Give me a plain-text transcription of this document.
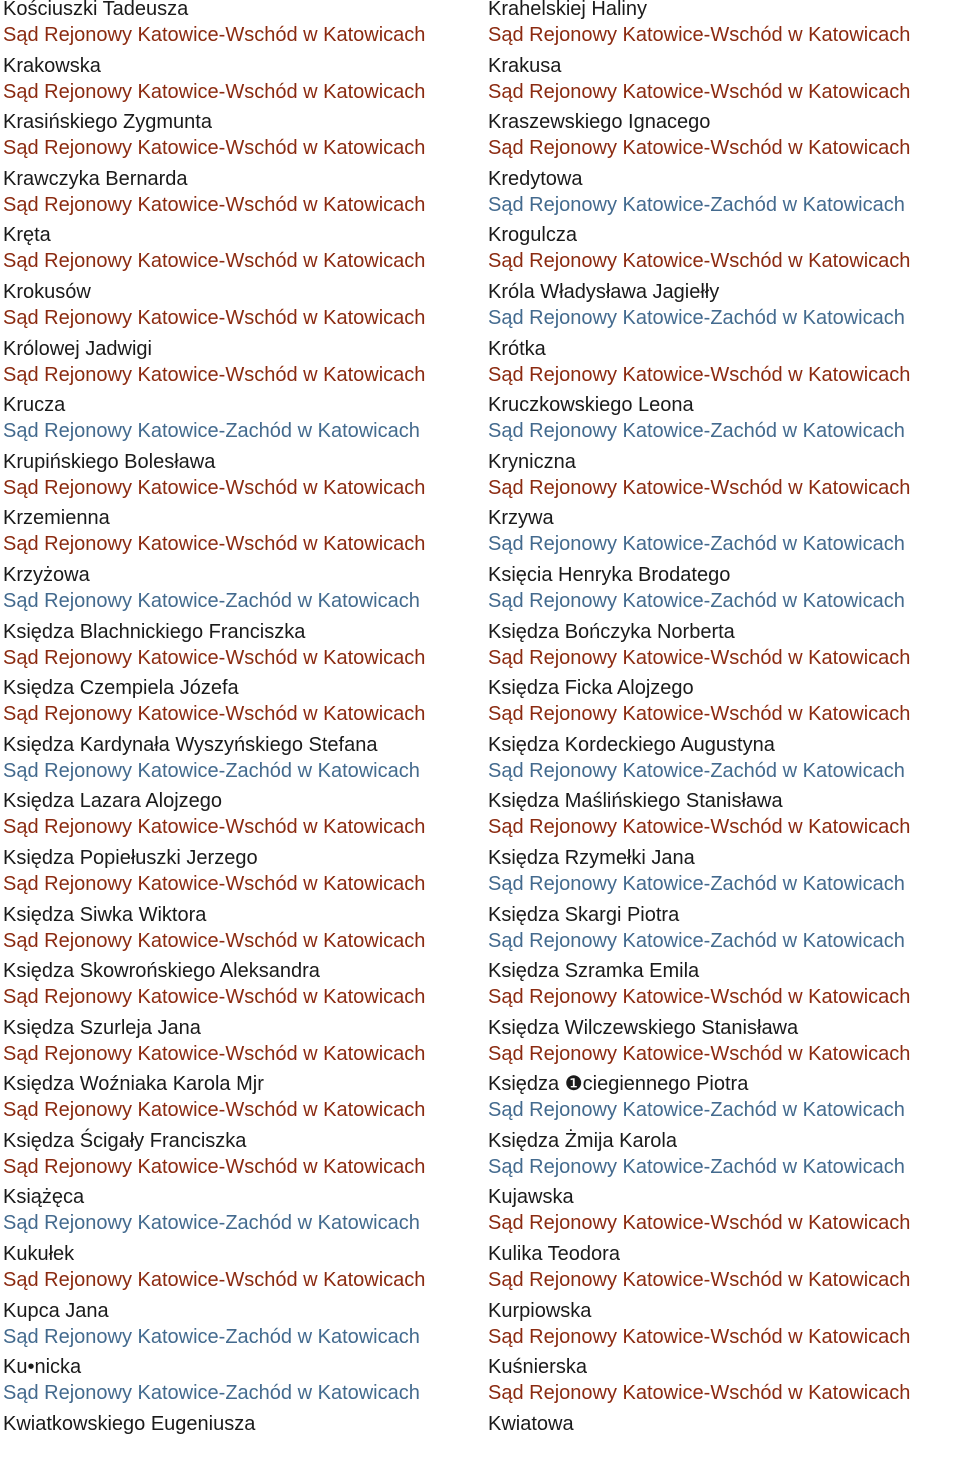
Kościuszki Tadeusza
Sąd Rejonowy Katowice-Wschód w Katowicach
Krakowska
Sąd Rejonowy Katowice-Wschód w Katowicach
Krasińskiego Zygmunta
Sąd Rejonowy Katowice-Wschód w Katowicach
Krawczyka Bernarda
Sąd Rejonowy Katowice-Wschód w Katowicach
Kręta
Sąd Rejonowy Katowice-Wschód w Katowicach
Krokusów
Sąd Rejonowy Katowice-Wschód w Katowicach
Królowej Jadwigi
Sąd Rejonowy Katowice-Wschód w Katowicach
Krucza
Sąd Rejonowy Katowice-Zachód w Katowicach
Krupińskiego Bolesława
Sąd Rejonowy Katowice-Wschód w Katowicach
Krzemienna
Sąd Rejonowy Katowice-Wschód w Katowicach
Krzyżowa
Sąd Rejonowy Katowice-Zachód w Katowicach
Księdza Blachnickiego Franciszka
Sąd Rejonowy Katowice-Wschód w Katowicach
Księdza Czempiela Józefa
Sąd Rejonowy Katowice-Wschód w Katowicach
Księdza Kardynała Wyszyńskiego Stefana
Sąd Rejonowy Katowice-Zachód w Katowicach
Księdza Lazara Alojzego
Sąd Rejonowy Katowice-Wschód w Katowicach
Księdza Popiełuszki Jerzego
Sąd Rejonowy Katowice-Wschód w Katowicach
Księdza Siwka Wiktora
Sąd Rejonowy Katowice-Wschód w Katowicach
Księdza Skowrońskiego Aleksandra
Sąd Rejonowy Katowice-Wschód w Katowicach
Księdza Szurleja Jana
Sąd Rejonowy Katowice-Wschód w Katowicach
Księdza Woźniaka Karola Mjr
Sąd Rejonowy Katowice-Wschód w Katowicach
Księdza Ścigały Franciszka
Sąd Rejonowy Katowice-Wschód w Katowicach
Książęca
Sąd Rejonowy Katowice-Zachód w Katowicach
Kukułek
Sąd Rejonowy Katowice-Wschód w Katowicach
Kupca Jana
Sąd Rejonowy Katowice-Zachód w Katowicach
Ku•nicka
Sąd Rejonowy Katowice-Zachód w Katowicach
Kwiatkowskiego Eugeniusza
Krahelskiej Haliny
Sąd Rejonowy Katowice-Wschód w Katowicach
Krakusa
Sąd Rejonowy Katowice-Wschód w Katowicach
Kraszewskiego Ignacego
Sąd Rejonowy Katowice-Wschód w Katowicach
Kredytowa
Sąd Rejonowy Katowice-Zachód w Katowicach
Krogulcza
Sąd Rejonowy Katowice-Wschód w Katowicach
Króla Władysława Jagiełły
Sąd Rejonowy Katowice-Zachód w Katowicach
Krótka
Sąd Rejonowy Katowice-Wschód w Katowicach
Kruczkowskiego Leona
Sąd Rejonowy Katowice-Zachód w Katowicach
Kryniczna
Sąd Rejonowy Katowice-Wschód w Katowicach
Krzywa
Sąd Rejonowy Katowice-Zachód w Katowicach
Księcia Henryka Brodatego
Sąd Rejonowy Katowice-Zachód w Katowicach
Księdza Bończyka Norberta
Sąd Rejonowy Katowice-Wschód w Katowicach
Księdza Ficka Alojzego
Sąd Rejonowy Katowice-Wschód w Katowicach
Księdza Kordeckiego Augustyna
Sąd Rejonowy Katowice-Zachód w Katowicach
Księdza Maślińskiego Stanisława
Sąd Rejonowy Katowice-Wschód w Katowicach
Księdza Rzymełki Jana
Sąd Rejonowy Katowice-Zachód w Katowicach
Księdza Skargi Piotra
Sąd Rejonowy Katowice-Zachód w Katowicach
Księdza Szramka Emila
Sąd Rejonowy Katowice-Wschód w Katowicach
Księdza Wilczewskiego Stanisława
Sąd Rejonowy Katowice-Wschód w Katowicach
Księdza ❶ciegiennego Piotra
Sąd Rejonowy Katowice-Zachód w Katowicach
Księdza Żmija Karola
Sąd Rejonowy Katowice-Zachód w Katowicach
Kujawska
Sąd Rejonowy Katowice-Wschód w Katowicach
Kulika Teodora
Sąd Rejonowy Katowice-Wschód w Katowicach
Kurpiowska
Sąd Rejonowy Katowice-Wschód w Katowicach
Kuśnierska
Sąd Rejonowy Katowice-Wschód w Katowicach
Kwiatowa
